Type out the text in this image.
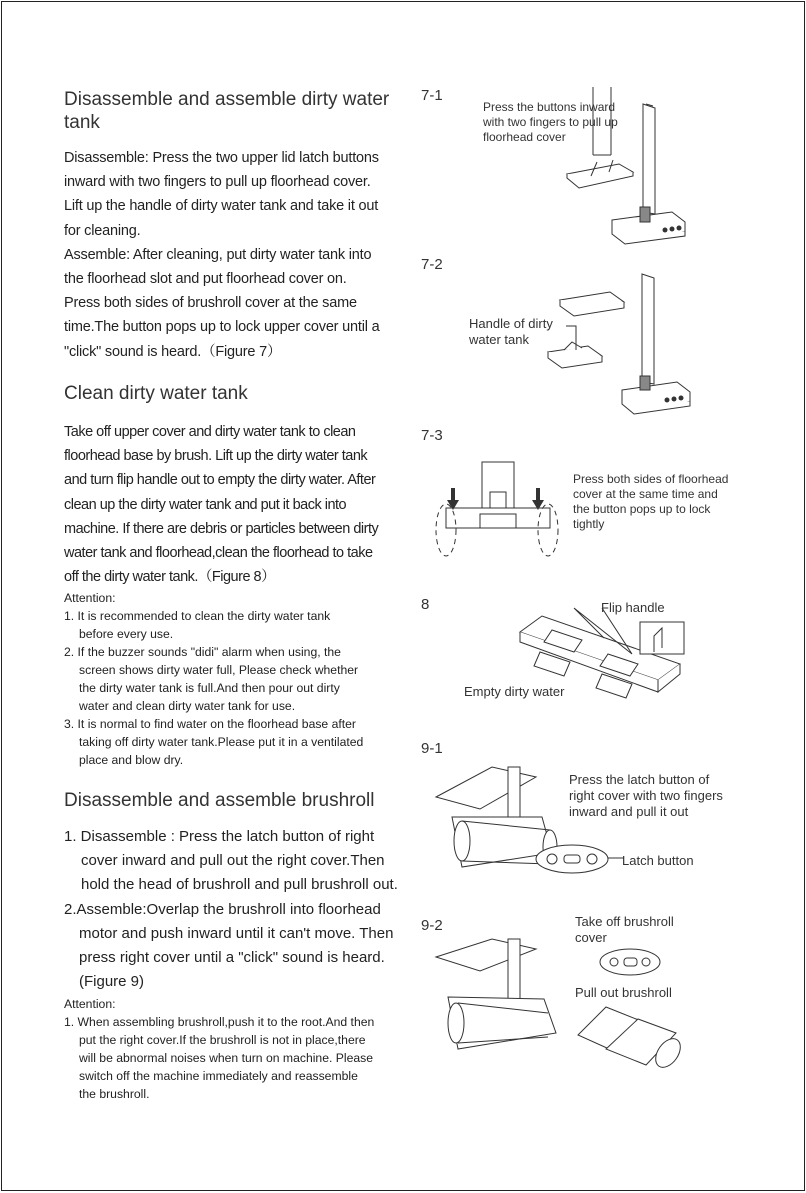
Disassemble and assemble dirty water
tank

Disassemble: Press the two upper lid latch buttons

inward with two fingers to pull up floorhead cover.

Lift up the handle of dirty water tank and take it out

for cleaning.

Assemble: After cleaning, put dirty water tank into

the floorhead slot and put floorhead cover on.

Press both sides of brushroll cover at the same

time.The button pops up to lock upper cover until a

"click" sound is heard.（Figure 7）

Clean dirty water tank

Take off upper cover and dirty water tank to clean

floorhead base by brush. Lift up the dirty water tank

and turn flip handle out to empty the dirty water. After

clean up the dirty water tank and put it back into

machine. If there are debris or particles between dirty

water tank and floorhead,clean the floorhead to take

off the dirty water tank.（Figure 8）

Attention:

1. It is recommended to clean the dirty water tank

before every use.

2. If the buzzer sounds "didi" alarm when using, the

screen shows dirty water full, Please check whether

the dirty water tank is full.And then pour out dirty

water and clean dirty water tank for use.

3. It is normal to find water on the floorhead base after

taking off dirty water tank.Please put it in a ventilated

place and blow dry.

Disassemble and assemble brushroll

1. Disassemble : Press the latch button of right

cover inward and pull out the right cover.Then

hold the head of brushroll and pull brushroll out.

2.Assemble:Overlap the brushroll into floorhead

motor and push inward until it can't move. Then

press right cover until a "click" sound is heard.

(Figure 9)

Attention:

1. When assembling brushroll,push it to the root.And then

put the right cover.If the brushroll is not in place,there

will be abnormal noises when turn on machine. Please

switch off the machine immediately and reassemble

the brushroll.

7-1
Press the buttons inward
with two fingers to pull up
floorhead cover
7-2
Handle of dirty
water tank
7-3
Press both sides of floorhead
cover at the same time and
the button pops up to lock
tightly
8	Flip handle
Empty dirty water
9-1
Press the latch button of
right cover with two fingers
inward and pull it out
Latch button
9-2	Take off brushroll
cover
Pull out brushroll
